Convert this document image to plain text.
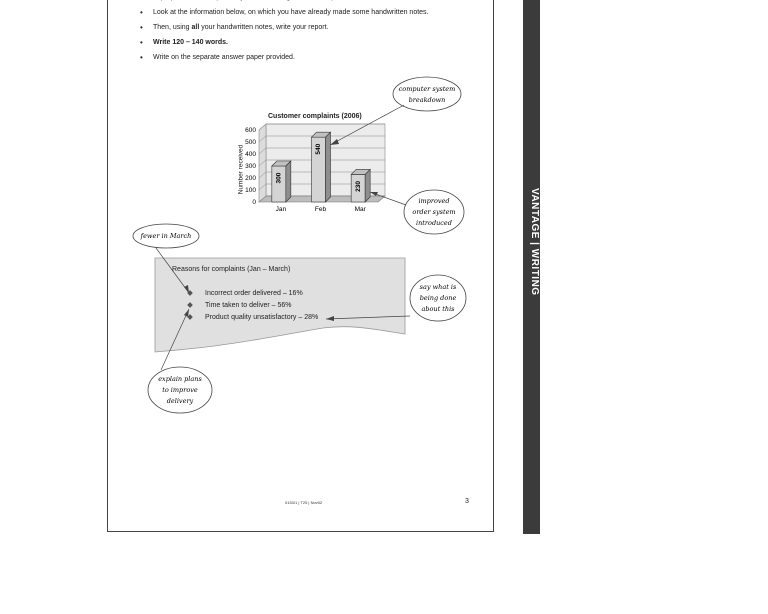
• Look at the information below, on which you have already made some handwritten notes.
• Then, using all your handwritten notes, write your report.
• Write 120 – 140 words.
• Write on the separate answer paper provided.
Customer complaints (2006)
Number received
0
100
200
300
400
500
600
300
Jan
540
Feb
230
Mar
computer system
breakdown
improved
order system
introduced
fewer in March
say what is
being done
about this
explain plans
to improve
delivery
Reasons for complaints (Jan – March)
Incorrect order delivered – 16%
Time taken to deliver – 56%
Product quality unsatisfactory – 28%
0153/1 | T25 | Nov02	3
VANTAGE | WRITING
